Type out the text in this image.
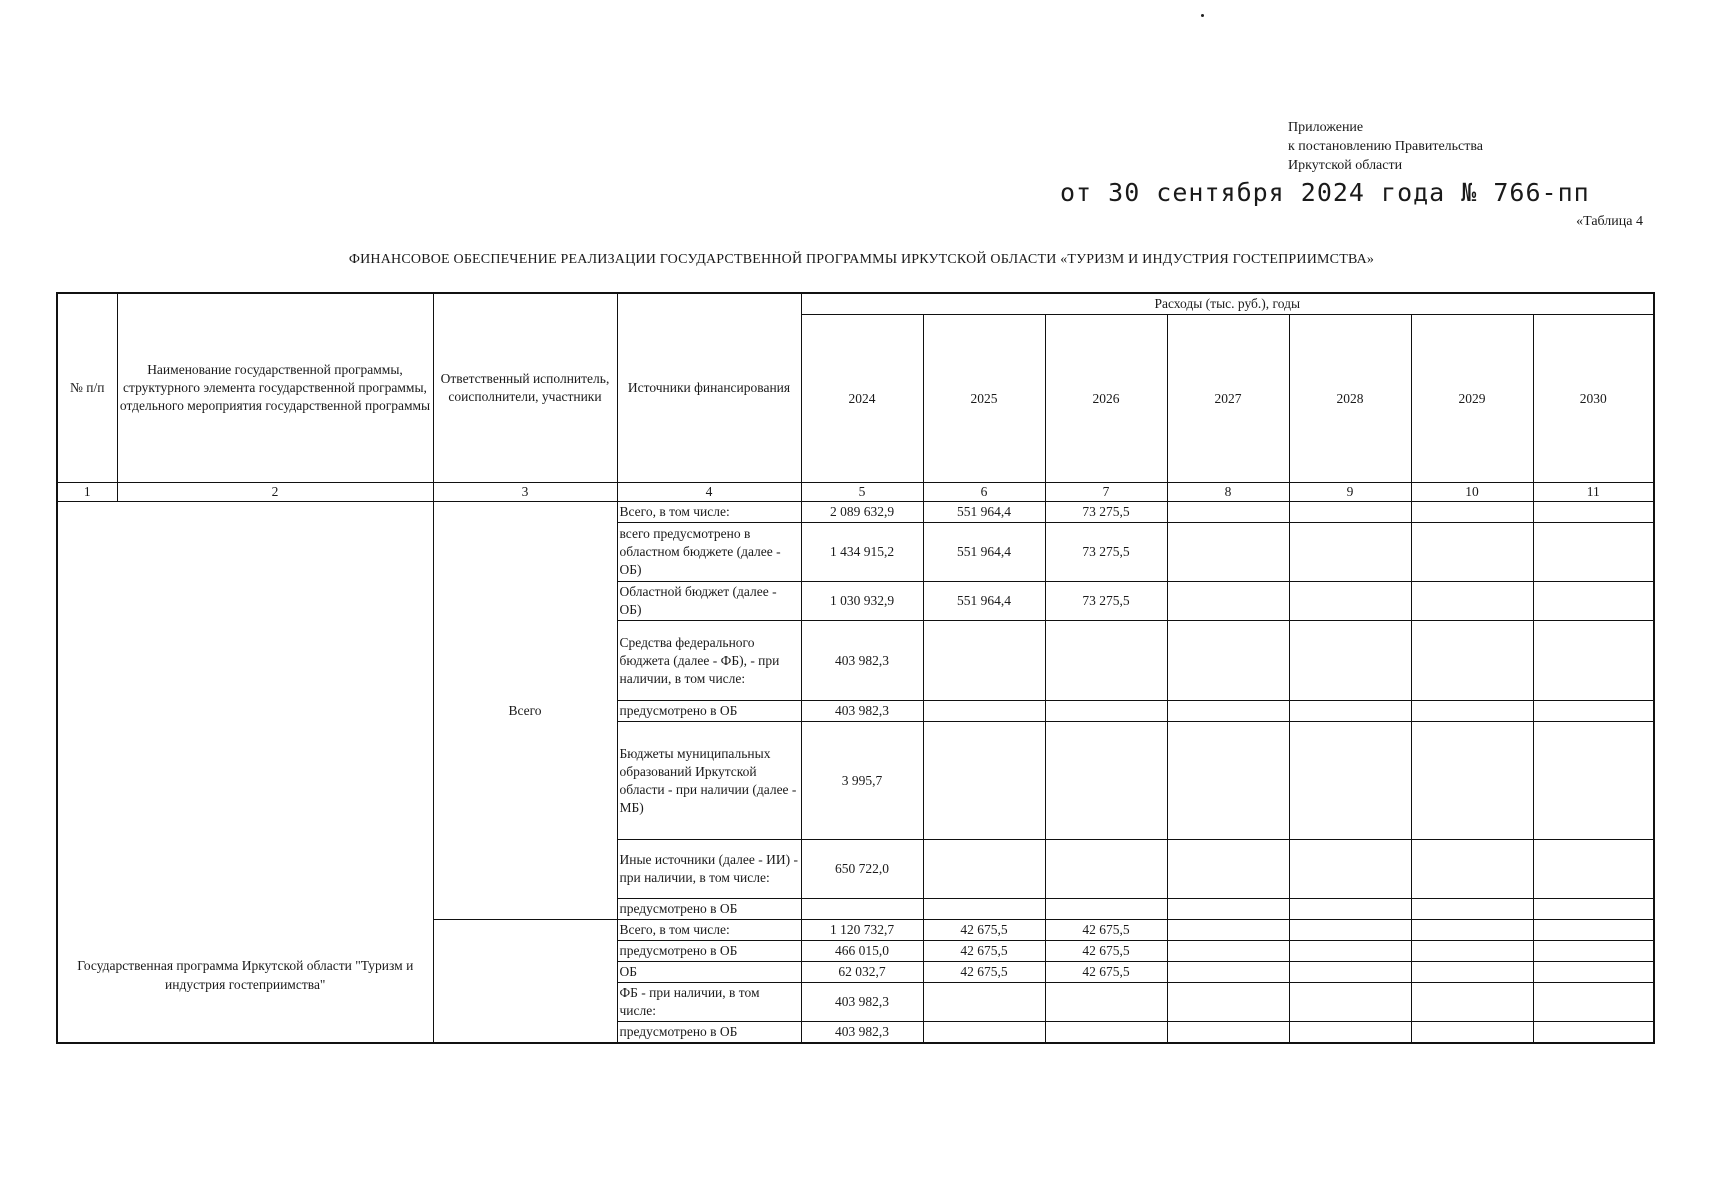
Приложение
к постановлению Правительства
Иркутской области
от 30 сентября 2024 года № 766-пп
«Таблица 4
ФИНАНСОВОЕ ОБЕСПЕЧЕНИЕ РЕАЛИЗАЦИИ ГОСУДАРСТВЕННОЙ ПРОГРАММЫ ИРКУТСКОЙ ОБЛАСТИ «ТУРИЗМ И ИНДУСТРИЯ ГОСТЕПРИИМСТВА»
№ п/п	Наименование государственной программы, структурного элемента государственной программы, отдельного мероприятия государственной программы	Ответственный исполнитель, соисполнители, участники	Источники финансирования	Расходы (тыс. руб.), годы						
				2024	2025	2026	2027	2028	2029	2030
1	2	3	4	5	6	7	8	9	10	11
Государственная программа Иркутской области "Туризм и индустрия гостеприимства"		Всего	Всего, в том числе:	2 089 632,9	551 964,4	73 275,5				
			всего предусмотрено в областном бюджете (далее - ОБ)	1 434 915,2	551 964,4	73 275,5				
			Областной бюджет (далее - ОБ)	1 030 932,9	551 964,4	73 275,5				
			Средства федерального бюджета (далее - ФБ), - при наличии, в том числе:	403 982,3						
			предусмотрено в ОБ	403 982,3						
			Бюджеты муниципальных образований Иркутской области - при наличии (далее - МБ)	3 995,7						
			Иные источники (далее - ИИ) - при наличии, в том числе:	650 722,0						
			предусмотрено в ОБ							
			Всего, в том числе:	1 120 732,7	42 675,5	42 675,5				
			предусмотрено в ОБ	466 015,0	42 675,5	42 675,5				
			ОБ	62 032,7	42 675,5	42 675,5				
			ФБ - при наличии, в том числе:	403 982,3						
			предусмотрено в ОБ	403 982,3						
